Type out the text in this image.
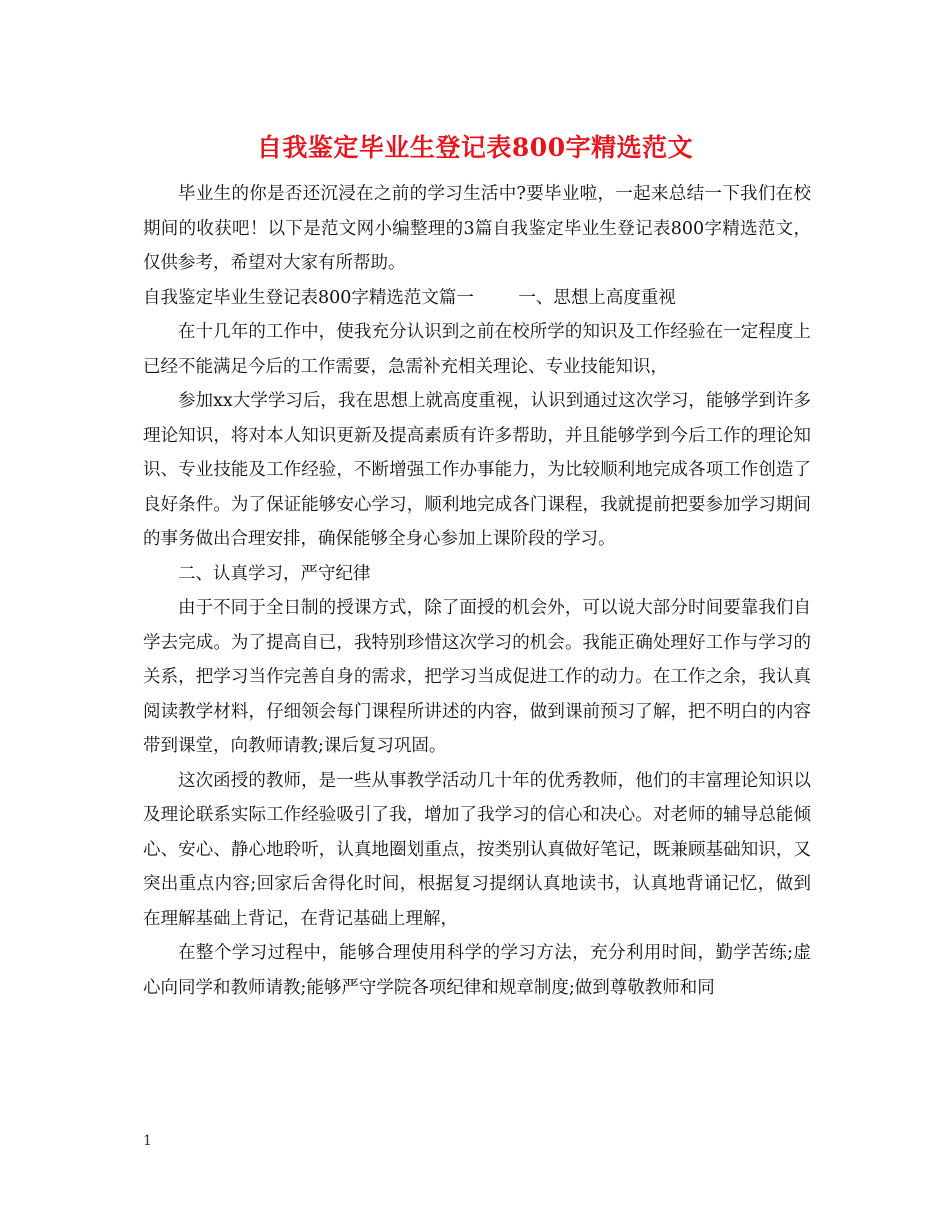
自我鉴定毕业生登记表800字精选范文

毕业生的你是否还沉浸在之前的学习生活中?要毕业啦，一起来总结一下我们在校期间的收获吧！以下是范文网小编整理的3篇自我鉴定毕业生登记表800字精选范文，仅供参考，希望对大家有所帮助。

自我鉴定毕业生登记表800字精选范文篇一	一、思想上高度重视

在十几年的工作中，使我充分认识到之前在校所学的知识及工作经验在一定程度上已经不能满足今后的工作需要，急需补充相关理论、专业技能知识，

参加xx大学学习后，我在思想上就高度重视，认识到通过这次学习，能够学到许多理论知识，将对本人知识更新及提高素质有许多帮助，并且能够学到今后工作的理论知识、专业技能及工作经验，不断增强工作办事能力，为比较顺利地完成各项工作创造了良好条件。为了保证能够安心学习，顺利地完成各门课程，我就提前把要参加学习期间的事务做出合理安排，确保能够全身心参加上课阶段的学习。

二、认真学习，严守纪律

由于不同于全日制的授课方式，除了面授的机会外，可以说大部分时间要靠我们自学去完成。为了提高自已，我特别珍惜这次学习的机会。我能正确处理好工作与学习的关系，把学习当作完善自身的需求，把学习当成促进工作的动力。在工作之余，我认真阅读教学材料，仔细领会每门课程所讲述的内容，做到课前预习了解，把不明白的内容带到课堂，向教师请教;课后复习巩固。

这次函授的教师，是一些从事教学活动几十年的优秀教师，他们的丰富理论知识以及理论联系实际工作经验吸引了我，增加了我学习的信心和决心。对老师的辅导总能倾心、安心、静心地聆听，认真地圈划重点，按类别认真做好笔记，既兼顾基础知识，又突出重点内容;回家后舍得化时间，根据复习提纲认真地读书，认真地背诵记忆，做到在理解基础上背记，在背记基础上理解，

在整个学习过程中，能够合理使用科学的学习方法，充分利用时间，勤学苦练;虚心向同学和教师请教;能够严守学院各项纪律和规章制度;做到尊敬教师和同

1
